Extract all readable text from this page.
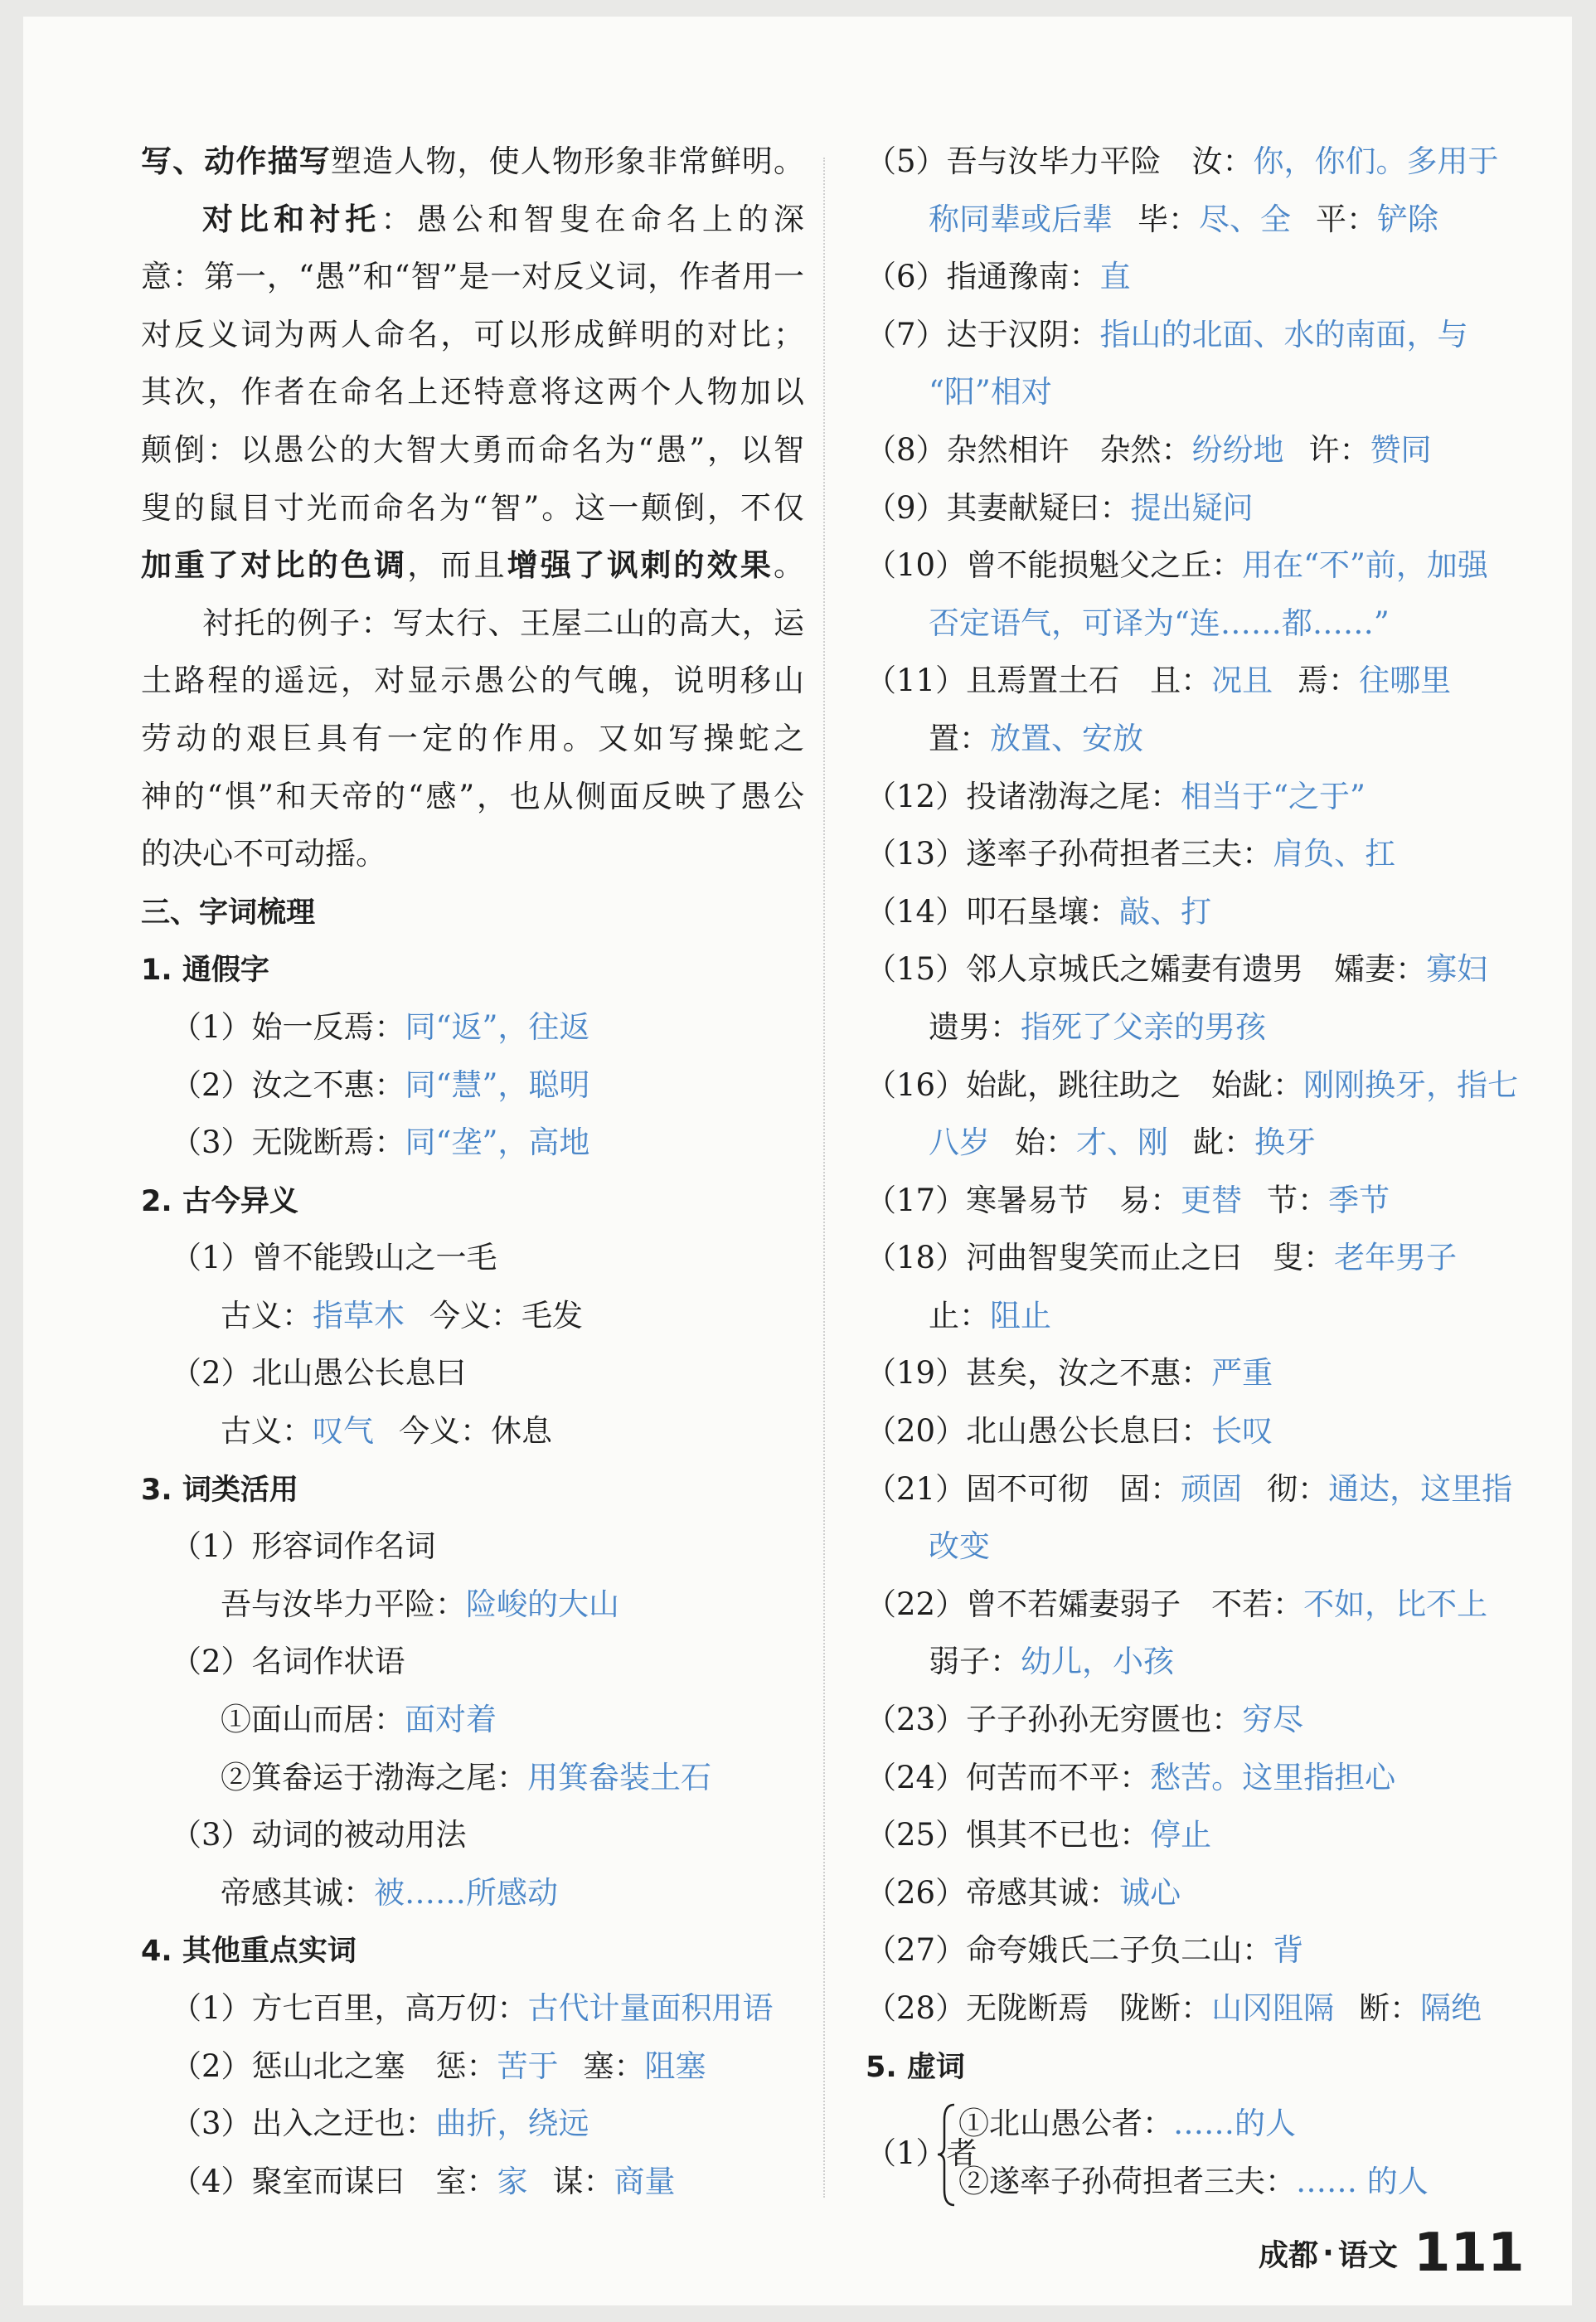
写、动作描写塑造人物，使人物形象非常鲜明。
对比和衬托：愚公和智叟在命名上的深
意：第一，“愚”和“智”是一对反义词，作者用一
对反义词为两人命名，可以形成鲜明的对比；
其次，作者在命名上还特意将这两个人物加以
颠倒：以愚公的大智大勇而命名为“愚”，以智
叟的鼠目寸光而命名为“智”。这一颠倒，不仅
加重了对比的色调，而且增强了讽刺的效果。
衬托的例子：写太行、王屋二山的高大，运
土路程的遥远，对显示愚公的气魄，说明移山
劳动的艰巨具有一定的作用。又如写操蛇之
神的“惧”和天帝的“感”，也从侧面反映了愚公
的决心不可动摇。
三、字词梳理
1. 通假字
（1）始一反焉：同“返”，往返
（2）汝之不惠：同“慧”，聪明
（3）无陇断焉：同“垄”，高地
2. 古今异义
（1）曾不能毁山之一毛
古义：指草木 今义：毛发
（2）北山愚公长息曰
古义：叹气 今义：休息
3. 词类活用
（1）形容词作名词
吾与汝毕力平险：险峻的大山
（2）名词作状语
①面山而居：面对着
②箕畚运于渤海之尾：用箕畚装土石
（3）动词的被动用法
帝感其诚：被……所感动
4. 其他重点实词
（1）方七百里，高万仞：古代计量面积用语
（2）惩山北之塞　惩：苦于 塞：阻塞
（3）出入之迂也：曲折，绕远
（4）聚室而谋曰　室：家 谋：商量
（5）吾与汝毕力平险　汝：你，你们。多用于
称同辈或后辈 毕：尽、全 平：铲除
（6）指通豫南：直
（7）达于汉阴：指山的北面、水的南面，与
“阳”相对
（8）杂然相许　杂然：纷纷地 许：赞同
（9）其妻献疑曰：提出疑问
（10）曾不能损魁父之丘：用在“不”前，加强
否定语气，可译为“连……都……”
（11）且焉置土石　且：况且 焉：往哪里
置：放置、安放
（12）投诸渤海之尾：相当于“之于”
（13）遂率子孙荷担者三夫：肩负、扛
（14）叩石垦壤：敲、打
（15）邻人京城氏之孀妻有遗男　孀妻：寡妇
遗男：指死了父亲的男孩
（16）始龀，跳往助之　始龀：刚刚换牙，指七
八岁 始：才、刚 龀：换牙
（17）寒暑易节　易：更替 节：季节
（18）河曲智叟笑而止之曰　叟：老年男子
止：阻止
（19）甚矣，汝之不惠：严重
（20）北山愚公长息曰：长叹
（21）固不可彻　固：顽固 彻：通达，这里指
改变
（22）曾不若孀妻弱子　不若：不如，比不上
弱子：幼儿，小孩
（23）子子孙孙无穷匮也：穷尽
（24）何苦而不平：愁苦。这里指担心
（25）惧其不已也：停止
（26）帝感其诚：诚心
（27）命夸娥氏二子负二山：背
（28）无陇断焉　陇断：山冈阻隔 断：隔绝
5. 虚词
（1）者
①北山愚公者：……的人
②遂率子孙荷担者三夫：…… 的人
成都 · 语文 111
